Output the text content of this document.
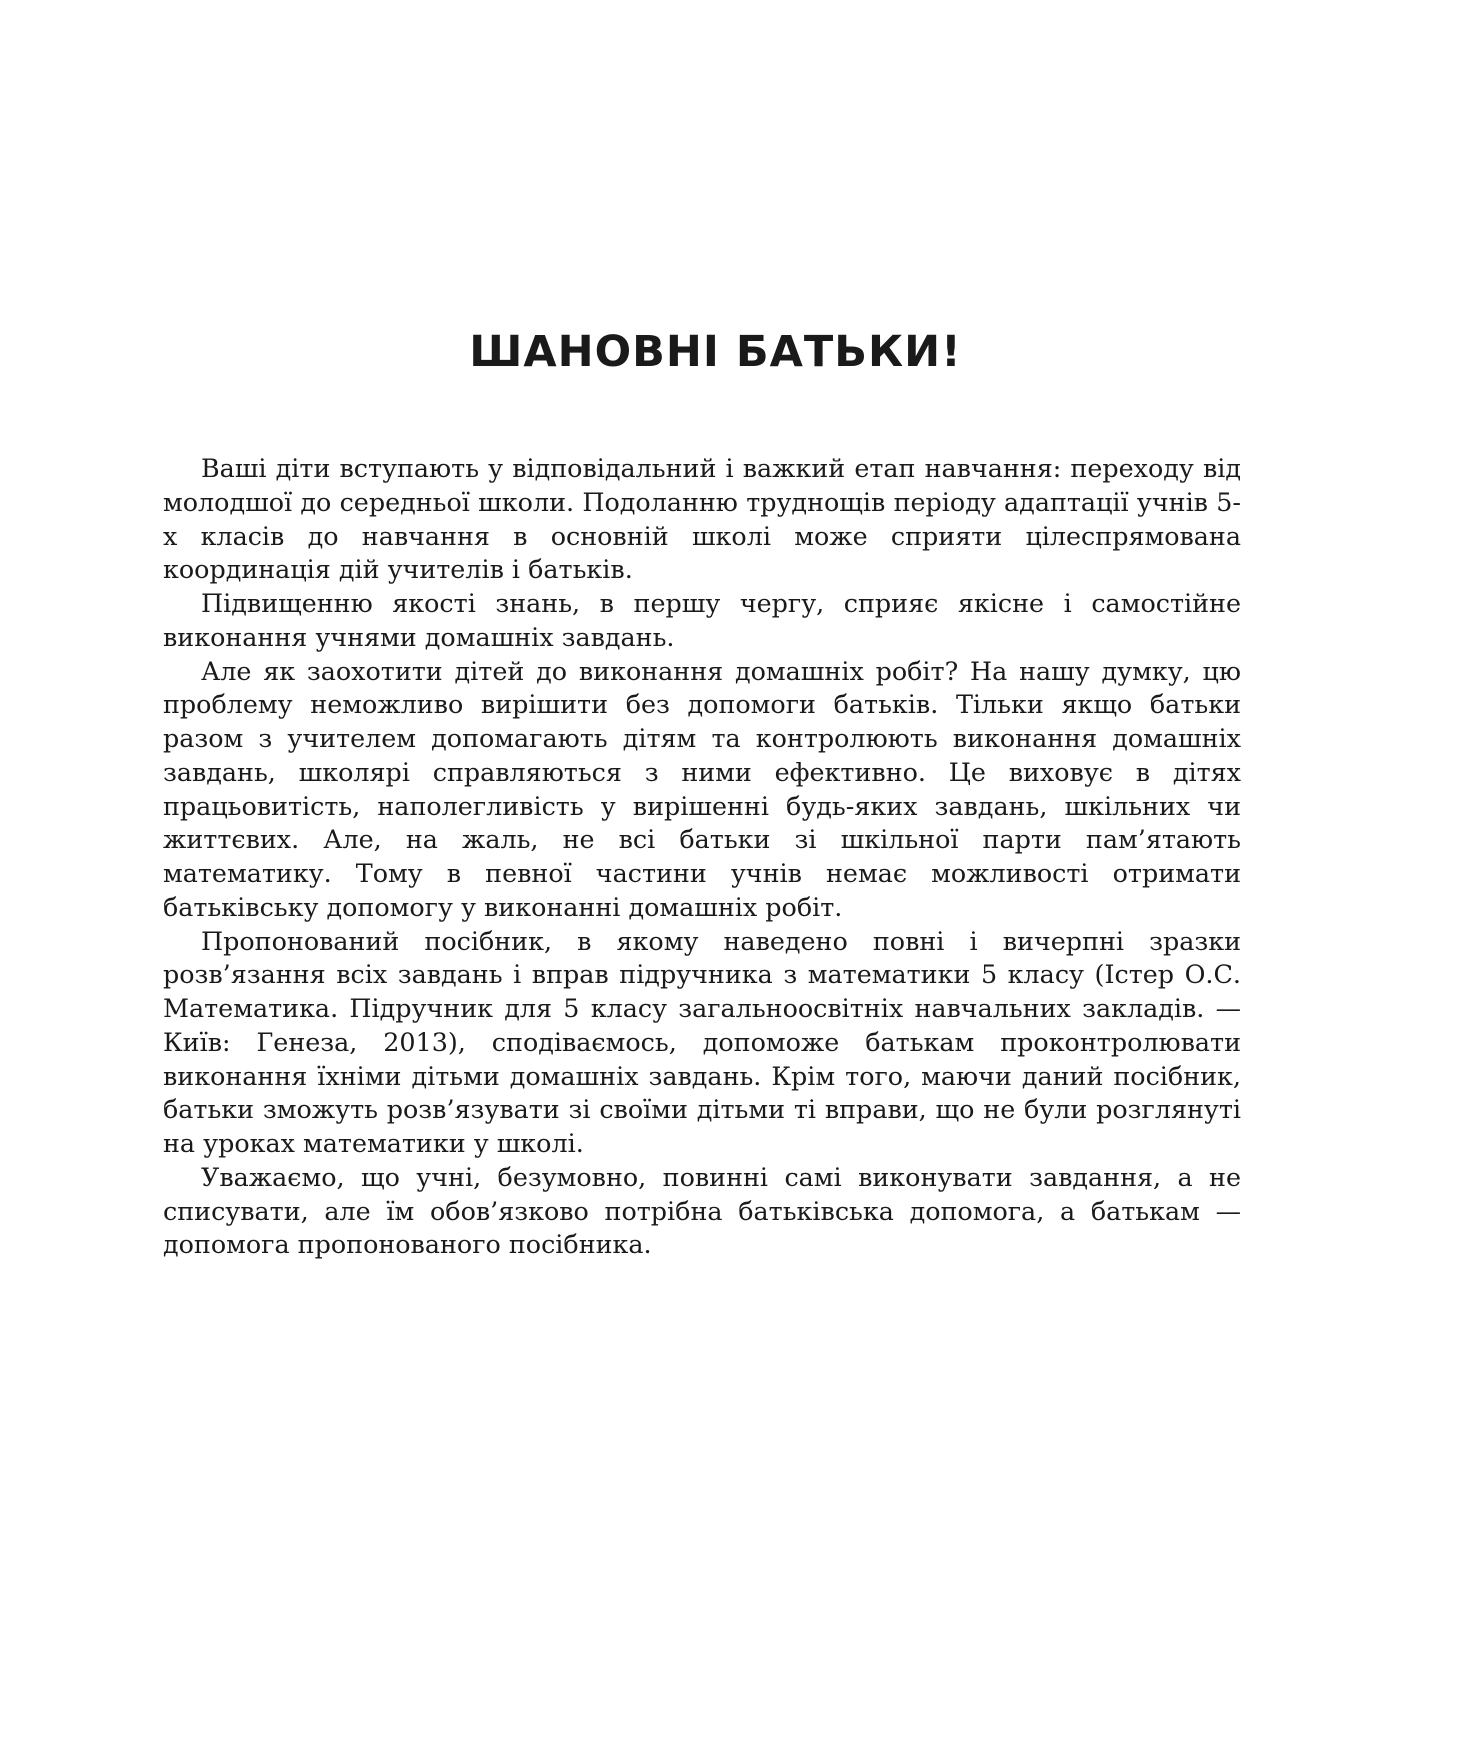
ШАНОВНІ БАТЬКИ!

Ваші діти вступають у відповідальний і важкий етап навчання: переходу від молодшої до середньої школи. Подоланню труднощів періоду адаптації учнів 5-х класів до навчання в основній школі може сприяти цілеспрямована координація дій учителів і батьків.

Підвищенню якості знань, в першу чергу, сприяє якісне і самостійне виконання учнями домашніх завдань.

Але як заохотити дітей до виконання домашніх робіт? На нашу думку, цю проблему неможливо вирішити без допомоги батьків. Тільки якщо батьки разом з учителем допомагають дітям та контролюють виконання домашніх завдань, школярі справляються з ними ефективно. Це виховує в дітях працьовитість, наполегливість у вирішенні будь-яких завдань, шкільних чи життєвих. Але, на жаль, не всі батьки зі шкільної парти пам’ятають математику. Тому в певної частини учнів немає можливості отримати батьківську допомогу у виконанні домашніх робіт.

Пропонований посібник, в якому наведено повні і вичерпні зразки розв’язання всіх завдань і вправ підручника з математики 5 класу (Істер О.С. Математика. Підручник для 5 класу загальноосвітніх навчальних закладів. — Київ: Генеза, 2013), сподіваємось, допоможе батькам проконтролювати виконання їхніми дітьми домашніх завдань. Крім того, маючи даний посібник, батьки зможуть розв’язувати зі своїми дітьми ті вправи, що не були розглянуті на уроках математики у школі.

Уважаємо, що учні, безумовно, повинні самі виконувати завдання, а не списувати, але їм обов’язково потрібна батьківська допомога, а батькам — допомога пропонованого посібника.
